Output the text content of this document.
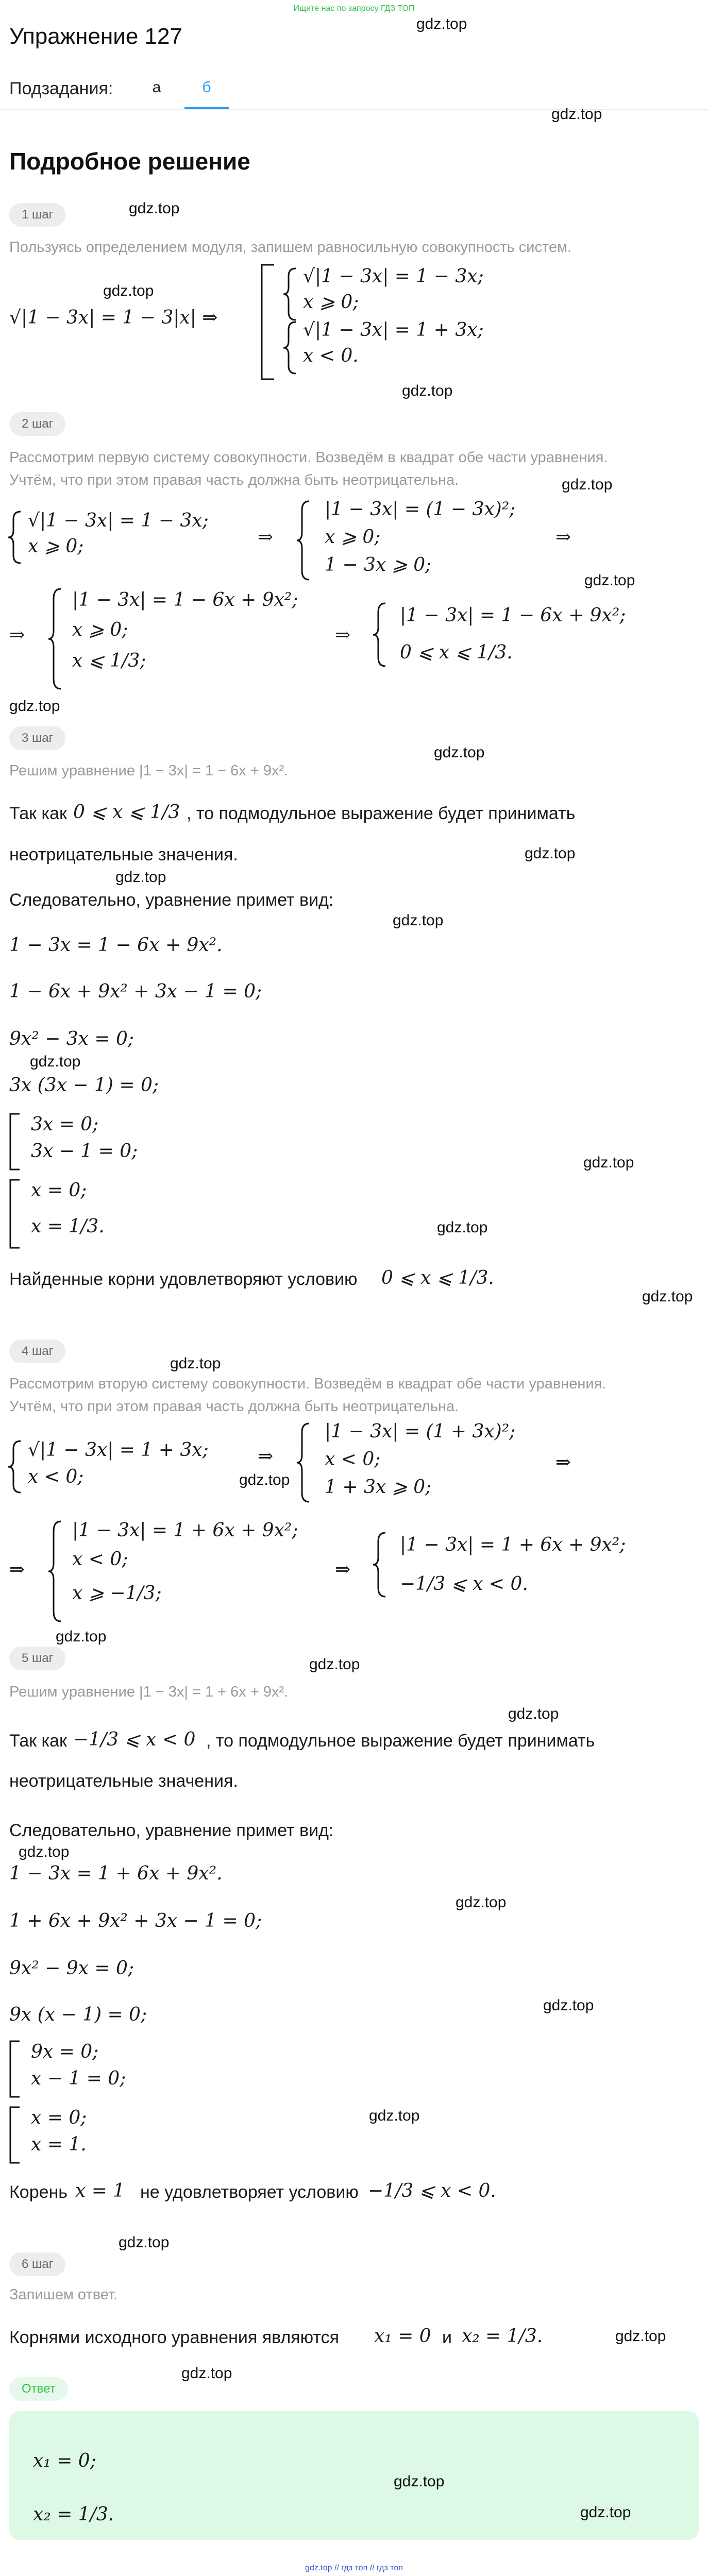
Ищите нас по запросу ГДЗ ТОП
Упражнение 127	gdz.top
Подзадания:	а	б
gdz.top
Подробное решение
1 шаг	gdz.top
Пользуясь определением модуля, запишем равносильную совокупность систем.
gdz.top
√|1 − 3x| = 1 − 3|x| ⇒
√|1 − 3x| = 1 − 3x;
x ⩾ 0;
√|1 − 3x| = 1 + 3x;
x < 0.
gdz.top
2 шаг
Рассмотрим первую систему совокупности. Возведём в квадрат обе части уравнения.
Учтём, что при этом правая часть должна быть неотрицательна.	gdz.top
√|1 − 3x| = 1 − 3x;
x ⩾ 0;	⇒
|1 − 3x| = (1 − 3x)²;
x ⩾ 0;
1 − 3x ⩾ 0;
⇒
gdz.top
⇒
|1 − 3x| = 1 − 6x + 9x²;
x ⩾ 0;
x ⩽ 1/3;
⇒
|1 − 3x| = 1 − 6x + 9x²;
0 ⩽ x ⩽ 1/3.
gdz.top
3 шаг
gdz.top
Решим уравнение |1 − 3x| = 1 − 6x + 9x².
Так как 0 ⩽ x ⩽ 1/3 , то подмодульное выражение будет принимать
неотрицательные значения.	gdz.top
gdz.top
Следовательно, уравнение примет вид:
gdz.top
1 − 3x = 1 − 6x + 9x².
1 − 6x + 9x² + 3x − 1 = 0;
9x² − 3x = 0;
gdz.top
3x (3x − 1) = 0;
3x = 0;
3x − 1 = 0;
gdz.top
x = 0;
x = 1/3.	gdz.top
Найденные корни удовлетворяют условию 0 ⩽ x ⩽ 1/3.
gdz.top
4 шаг
gdz.top
Рассмотрим вторую систему совокупности. Возведём в квадрат обе части уравнения.
Учтём, что при этом правая часть должна быть неотрицательна.
√|1 − 3x| = 1 + 3x;
x < 0;
⇒
gdz.top
|1 − 3x| = (1 + 3x)²;
x < 0;
1 + 3x ⩾ 0;
⇒
⇒
|1 − 3x| = 1 + 6x + 9x²;
x < 0;
x ⩾ −1/3;
⇒
|1 − 3x| = 1 + 6x + 9x²;
−1/3 ⩽ x < 0.
gdz.top
5 шаг	gdz.top
Решим уравнение |1 − 3x| = 1 + 6x + 9x².
gdz.top
Так как −1/3 ⩽ x < 0 , то подмодульное выражение будет принимать
неотрицательные значения.
Следовательно, уравнение примет вид:
gdz.top
1 − 3x = 1 + 6x + 9x².
gdz.top
1 + 6x + 9x² + 3x − 1 = 0;
9x² − 9x = 0;
gdz.top
9x (x − 1) = 0;
9x = 0;
x − 1 = 0;
x = 0;	gdz.top
x = 1.
Корень x = 1 не удовлетворяет условию −1/3 ⩽ x < 0.
gdz.top
6 шаг
Запишем ответ.
Корнями исходного уравнения являются x₁ = 0 и x₂ = 1/3.	gdz.top
gdz.top
Ответ
x₁ = 0;
x₂ = 1/3.
gdz.top
gdz.top
gdz.top // гдз топ // гдз топ
